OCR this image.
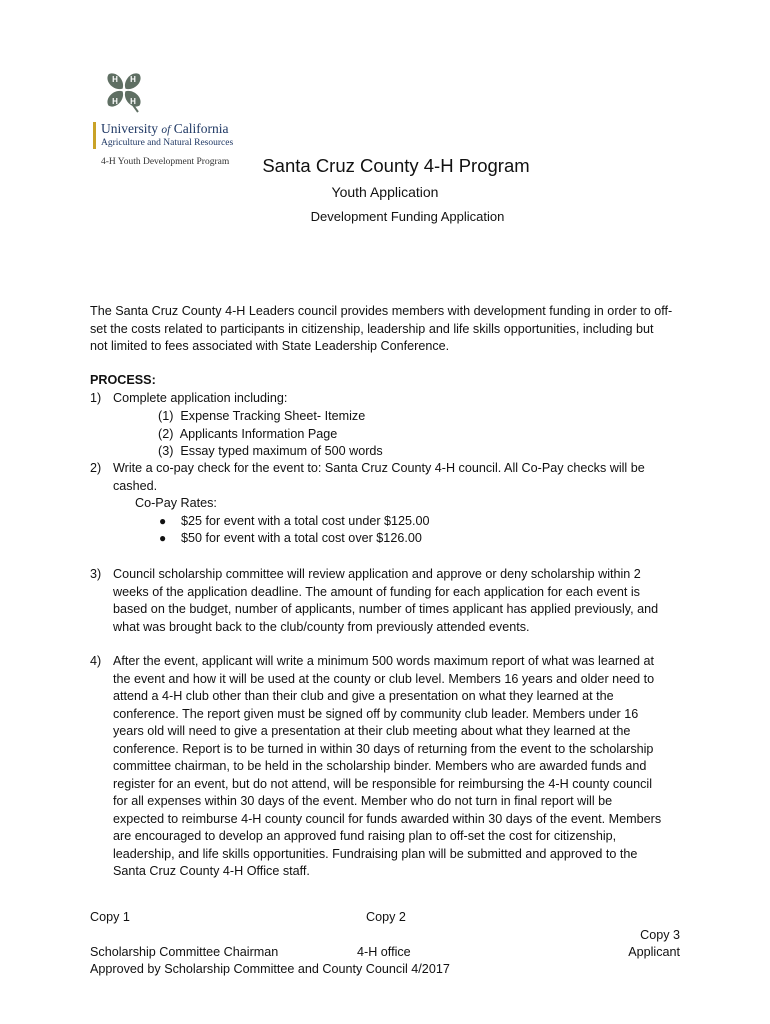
H H
H H
University of California
Agriculture and Natural Resources
4-H Youth Development Program	Santa Cruz County 4-H Program
Youth Application
Development Funding Application

The Santa Cruz County 4-H Leaders council provides members with development funding in order to off-

set the costs related to participants in citizenship, leadership and life skills opportunities, including but

not limited to fees associated with State Leadership Conference.

PROCESS:

1) Complete application including:

(1) Expense Tracking Sheet- Itemize

(2) Applicants Information Page

(3) Essay typed maximum of 500 words

2) Write a co-pay check for the event to: Santa Cruz County 4-H council. All Co-Pay checks will be

cashed.

Co-Pay Rates:

● $25 for event with a total cost under $125.00

● $50 for event with a total cost over $126.00

3) Council scholarship committee will review application and approve or deny scholarship within 2

weeks of the application deadline. The amount of funding for each application for each event is

based on the budget, number of applicants, number of times applicant has applied previously, and

what was brought back to the club/county from previously attended events.

4) After the event, applicant will write a minimum 500 words maximum report of what was learned at

the event and how it will be used at the county or club level. Members 16 years and older need to

attend a 4-H club other than their club and give a presentation on what they learned at the

conference. The report given must be signed off by community club leader. Members under 16

years old will need to give a presentation at their club meeting about what they learned at the

conference. Report is to be turned in within 30 days of returning from the event to the scholarship

committee chairman, to be held in the scholarship binder. Members who are awarded funds and

register for an event, but do not attend, will be responsible for reimbursing the 4-H county council

for all expenses within 30 days of the event. Member who do not turn in final report will be

expected to reimburse 4-H county council for funds awarded within 30 days of the event. Members

are encouraged to develop an approved fund raising plan to off-set the cost for citizenship,

leadership, and life skills opportunities. Fundraising plan will be submitted and approved to the

Santa Cruz County 4-H Office staff.

Copy 1	Copy 2
Copy 3
Scholarship Committee Chairman	4-H office	Applicant
Approved by Scholarship Committee and County Council 4/2017
